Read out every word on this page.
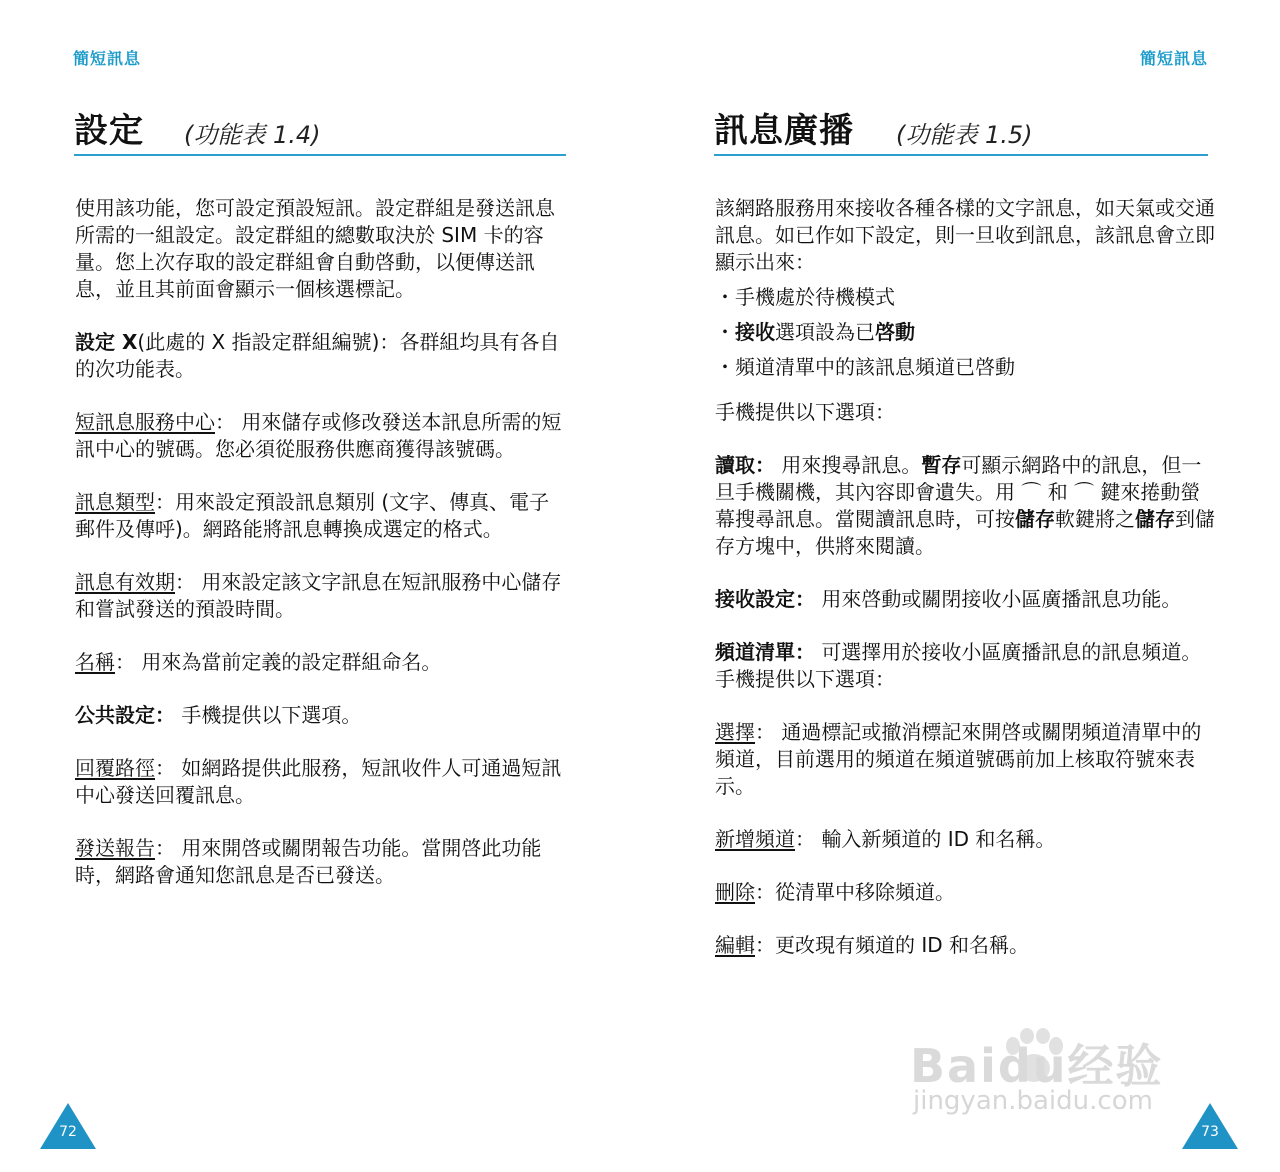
簡短訊息
設定 (功能表 1.4)

使用該功能，您可設定預設短訊。設定群組是發送訊息所需的一組設定。設定群組的總數取決於 SIM 卡的容量。您上次存取的設定群組會自動啓動，以便傳送訊息，並且其前面會顯示一個核選標記。

設定 X(此處的 X 指設定群組編號)：各群組均具有各自的次功能表。

短訊息服務中心： 用來儲存或修改發送本訊息所需的短訊中心的號碼。您必須從服務供應商獲得該號碼。

訊息類型：用來設定預設訊息類別 (文字、傳真、電子郵件及傳呼)。網路能將訊息轉換成選定的格式。

訊息有效期： 用來設定該文字訊息在短訊服務中心儲存和嘗試發送的預設時間。

名稱： 用來為當前定義的設定群組命名。

公共設定： 手機提供以下選項。

回覆路徑： 如網路提供此服務，短訊收件人可通過短訊中心發送回覆訊息。

發送報告： 用來開啓或關閉報告功能。當開啓此功能時，網路會通知您訊息是否已發送。

72
簡短訊息
訊息廣播 (功能表 1.5)

該網路服務用來接收各種各樣的文字訊息，如天氣或交通訊息。如已作如下設定，則一旦收到訊息，該訊息會立即顯示出來：

・ 手機處於待機模式
・ 接收選項設為已啓動
・ 頻道清單中的該訊息頻道已啓動

手機提供以下選項：

讀取： 用來搜尋訊息。暫存可顯示網路中的訊息，但一旦手機關機，其內容即會遺失。用 ⌒ 和 ⌒ 鍵來捲動螢幕搜尋訊息。當閱讀訊息時，可按儲存軟鍵將之儲存到儲存方塊中，供將來閱讀。

接收設定： 用來啓動或關閉接收小區廣播訊息功能。

頻道清單： 可選擇用於接收小區廣播訊息的訊息頻道。手機提供以下選項：

選擇： 通過標記或撤消標記來開啓或關閉頻道清單中的頻道，目前選用的頻道在頻道號碼前加上核取符號來表示。

新增頻道： 輸入新頻道的 ID 和名稱。

刪除：從清單中移除頻道。

編輯：更改現有頻道的 ID 和名稱。

73
Baidu经验
jingyan.baidu.com
